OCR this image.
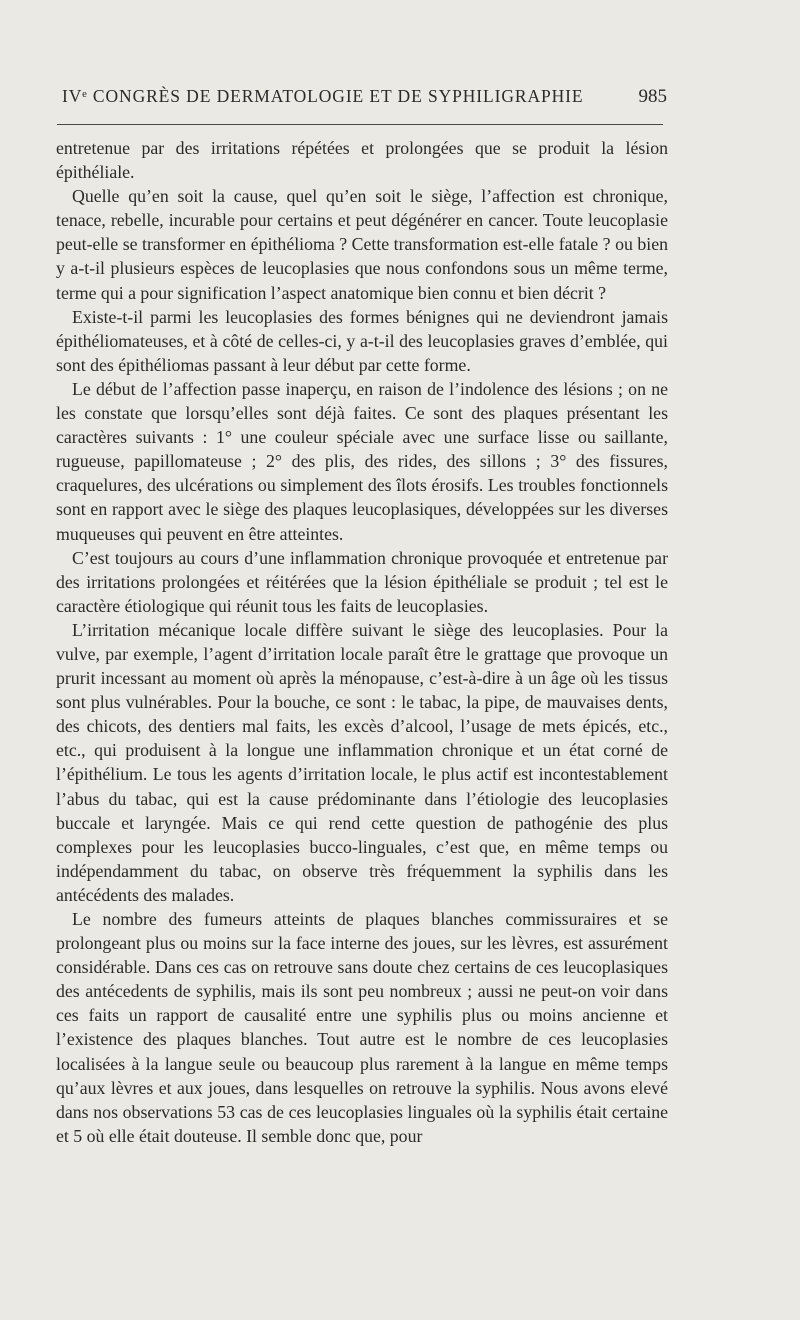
IVᵉ CONGRÈS DE DERMATOLOGIE ET DE SYPHILIGRAPHIE	985

entretenue par des irritations répétées et prolongées que se produit la lésion épithéliale.

Quelle qu’en soit la cause, quel qu’en soit le siège, l’affection est chronique, tenace, rebelle, incurable pour certains et peut dégénérer en cancer. Toute leucoplasie peut-elle se transformer en épithélioma ? Cette transformation est-elle fatale ? ou bien y a-t-il plusieurs espèces de leucoplasies que nous confondons sous un même terme, terme qui a pour signification l’aspect anatomique bien connu et bien décrit ?

Existe-t-il parmi les leucoplasies des formes bénignes qui ne deviendront jamais épithéliomateuses, et à côté de celles-ci, y a-t-il des leucoplasies graves d’emblée, qui sont des épithéliomas passant à leur début par cette forme.

Le début de l’affection passe inaperçu, en raison de l’indolence des lésions ; on ne les constate que lorsqu’elles sont déjà faites. Ce sont des plaques présentant les caractères suivants : 1° une couleur spéciale avec une surface lisse ou saillante, rugueuse, papillomateuse ; 2° des plis, des rides, des sillons ; 3° des fissures, craquelures, des ulcérations ou simplement des îlots érosifs. Les troubles fonctionnels sont en rapport avec le siège des plaques leucoplasiques, développées sur les diverses muqueuses qui peuvent en être atteintes.

C’est toujours au cours d’une inflammation chronique provoquée et entretenue par des irritations prolongées et réitérées que la lésion épithéliale se produit ; tel est le caractère étiologique qui réunit tous les faits de leucoplasies.

L’irritation mécanique locale diffère suivant le siège des leucoplasies. Pour la vulve, par exemple, l’agent d’irritation locale paraît être le grattage que provoque un prurit incessant au moment où après la ménopause, c’est-à-dire à un âge où les tissus sont plus vulnérables. Pour la bouche, ce sont : le tabac, la pipe, de mauvaises dents, des chicots, des dentiers mal faits, les excès d’alcool, l’usage de mets épicés, etc., etc., qui produisent à la longue une inflammation chronique et un état corné de l’épithélium. Le tous les agents d’irritation locale, le plus actif est incontestablement l’abus du tabac, qui est la cause prédominante dans l’étiologie des leucoplasies buccale et laryngée. Mais ce qui rend cette question de pathogénie des plus complexes pour les leucoplasies bucco-linguales, c’est que, en même temps ou indépendamment du tabac, on observe très fréquemment la syphilis dans les antécédents des malades.

Le nombre des fumeurs atteints de plaques blanches commissuraires et se prolongeant plus ou moins sur la face interne des joues, sur les lèvres, est assurément considérable. Dans ces cas on retrouve sans doute chez certains de ces leucoplasiques des antécedents de syphilis, mais ils sont peu nombreux ; aussi ne peut-on voir dans ces faits un rapport de causalité entre une syphilis plus ou moins ancienne et l’existence des plaques blanches. Tout autre est le nombre de ces leucoplasies localisées à la langue seule ou beaucoup plus rarement à la langue en même temps qu’aux lèvres et aux joues, dans lesquelles on retrouve la syphilis. Nous avons elevé dans nos observations 53 cas de ces leucoplasies linguales où la syphilis était certaine et 5 où elle était douteuse. Il semble donc que, pour
